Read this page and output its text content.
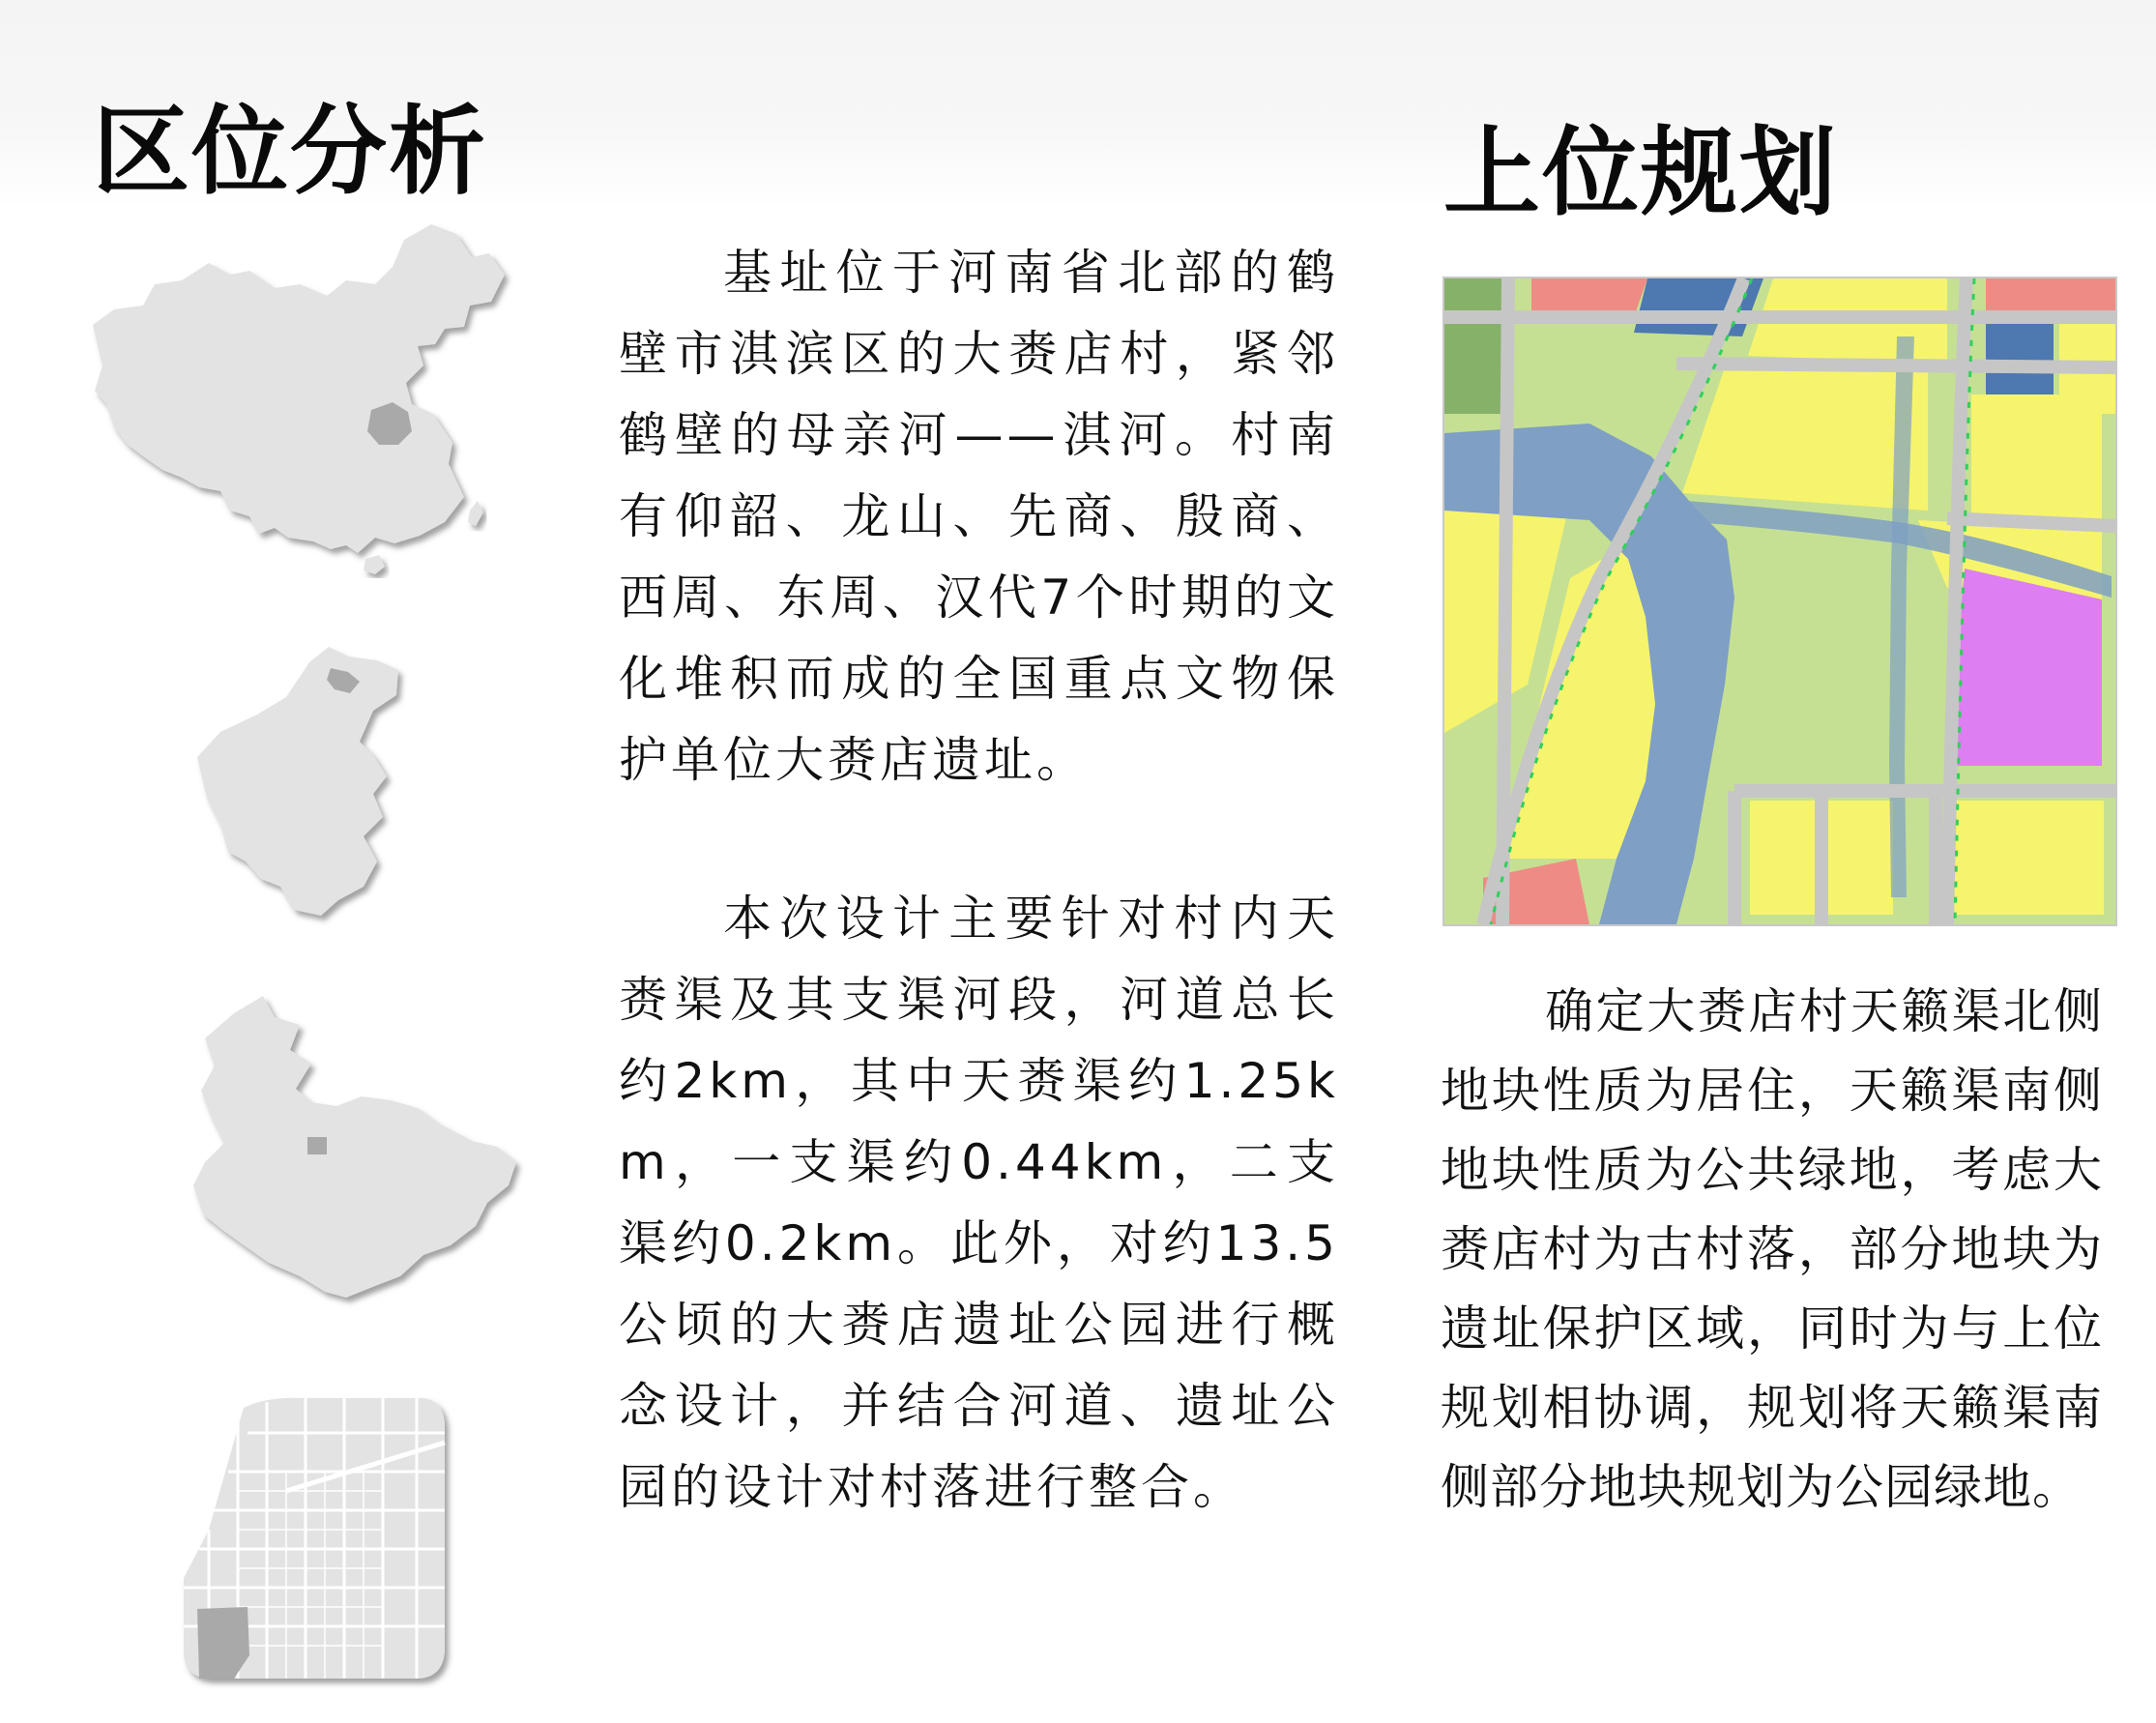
区位分析	上位规划

基址位于河南省北部的鹤壁市淇滨区的大赉店村，紧邻鹤壁的母亲河——淇河。村南有仰韶、龙山、先商、殷商、西周、东周、汉代7个时期的文化堆积而成的全国重点文物保护单位大赉店遗址。

本次设计主要针对村内天赉渠及其支渠河段，河道总长约2km，其中天赉渠约1.25km，一支渠约0.44km，二支渠约0.2km。此外，对约13.5公顷的大赉店遗址公园进行概念设计，并结合河道、遗址公园的设计对村落进行整合。

确定大赉店村天籁渠北侧地块性质为居住，天籁渠南侧地块性质为公共绿地，考虑大赉店村为古村落，部分地块为遗址保护区域，同时为与上位规划相协调，规划将天籁渠南侧部分地块规划为公园绿地。
